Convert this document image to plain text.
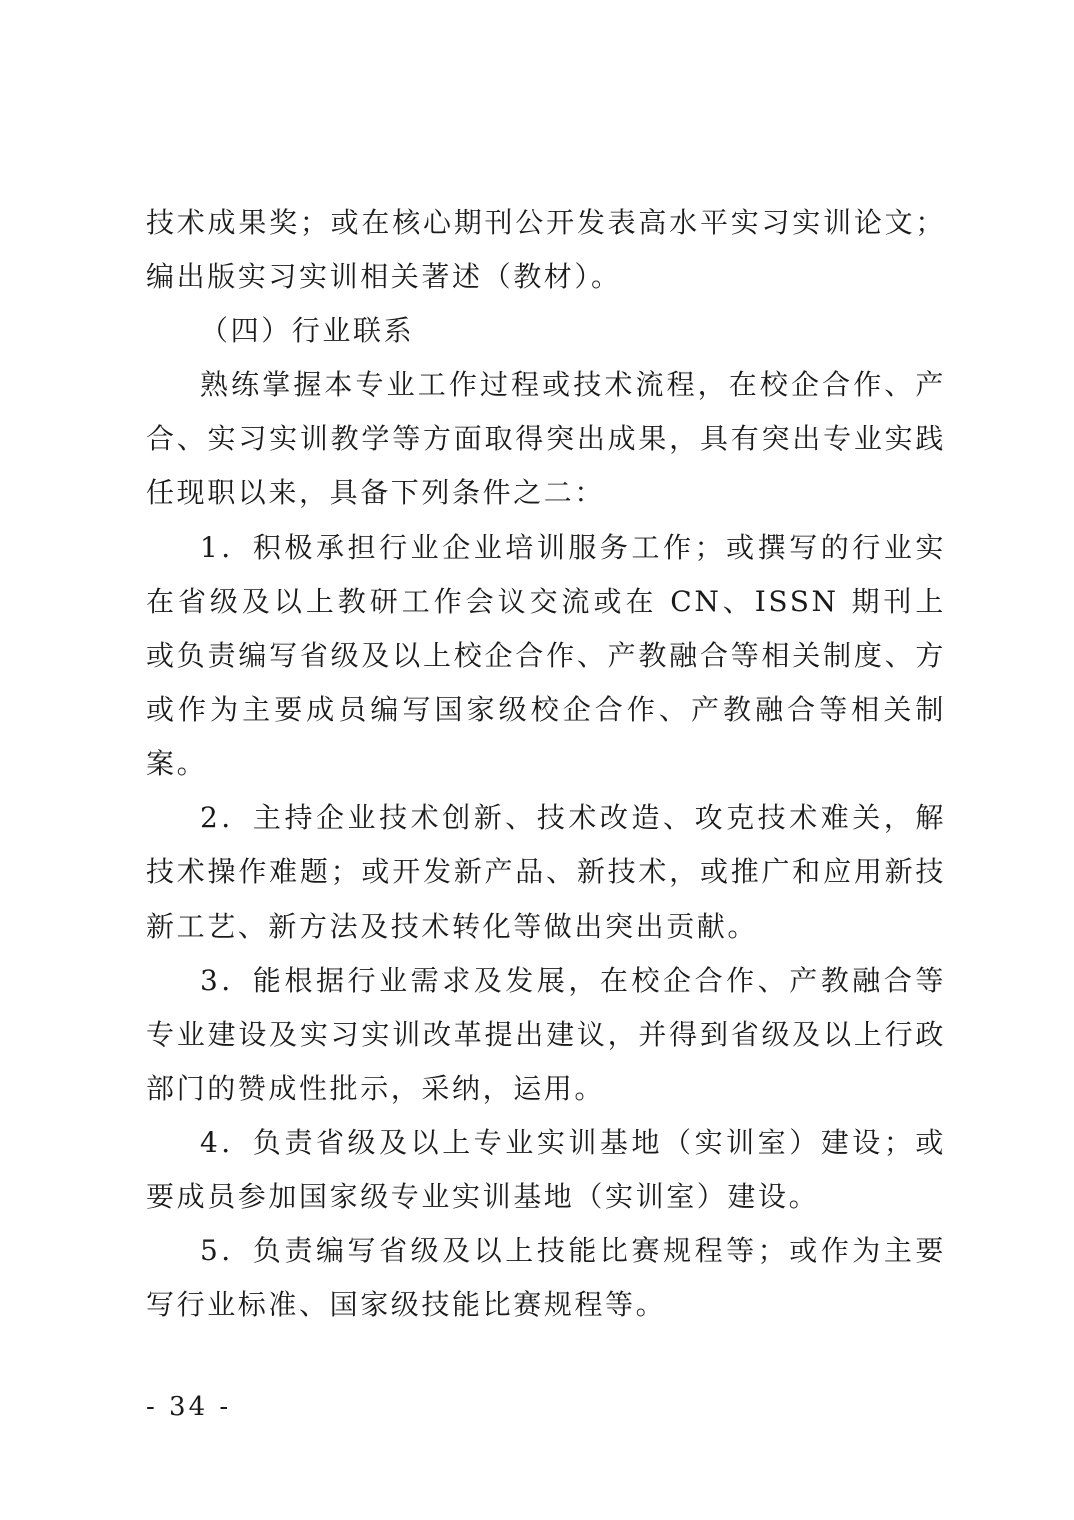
技术成果奖；或在核心期刊公开发表高水平实习实训论文；
编出版实习实训相关著述（教材）。
（四）行业联系
熟练掌握本专业工作过程或技术流程，在校企合作、产
合、实习实训教学等方面取得突出成果，具有突出专业实践
任现职以来，具备下列条件之二：
1．积极承担行业企业培训服务工作；或撰写的行业实
在省级及以上教研工作会议交流或在 CN、ISSN 期刊上
或负责编写省级及以上校企合作、产教融合等相关制度、方
或作为主要成员编写国家级校企合作、产教融合等相关制
案。
2．主持企业技术创新、技术改造、攻克技术难关，解
技术操作难题；或开发新产品、新技术，或推广和应用新技
新工艺、新方法及技术转化等做出突出贡献。
3．能根据行业需求及发展，在校企合作、产教融合等
专业建设及实习实训改革提出建议，并得到省级及以上行政
部门的赞成性批示，采纳，运用。
4．负责省级及以上专业实训基地（实训室）建设；或
要成员参加国家级专业实训基地（实训室）建设。
5．负责编写省级及以上技能比赛规程等；或作为主要
写行业标准、国家级技能比赛规程等。
- 34 -
